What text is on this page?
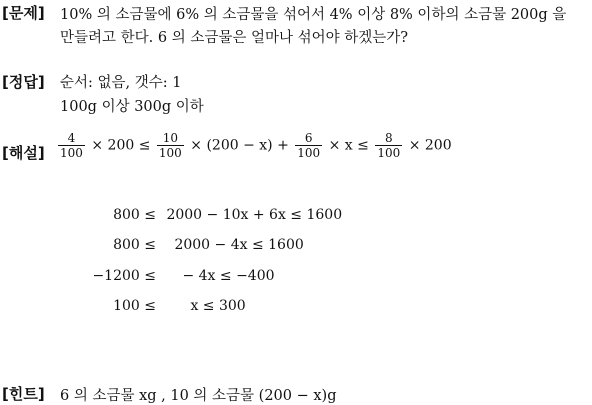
[문제] 10% 의 소금물에 6% 의 소금물을 섞어서 4% 이상 8% 이하의 소금물 200g 을
만들려고 한다. 6 의 소금물은 얼마나 섞어야 하겠는가?
[정답] 순서: 없음, 갯수: 1
100g 이상 300g 이하
[해설] $\frac{4}{100} \times 200 \le \frac{10}{100} \times (200 - x) + \frac{6}{100} \times x \le \frac{8}{100} \times 200$
800 ≤ 2000 − 10x + 6x ≤ 1600
800 ≤ 2000 − 4x ≤ 1600
−1200 ≤ − 4x ≤ −400
100 ≤ x ≤ 300
[힌트] 6 의 소금물 xg , 10 의 소금물 (200 − x)g
